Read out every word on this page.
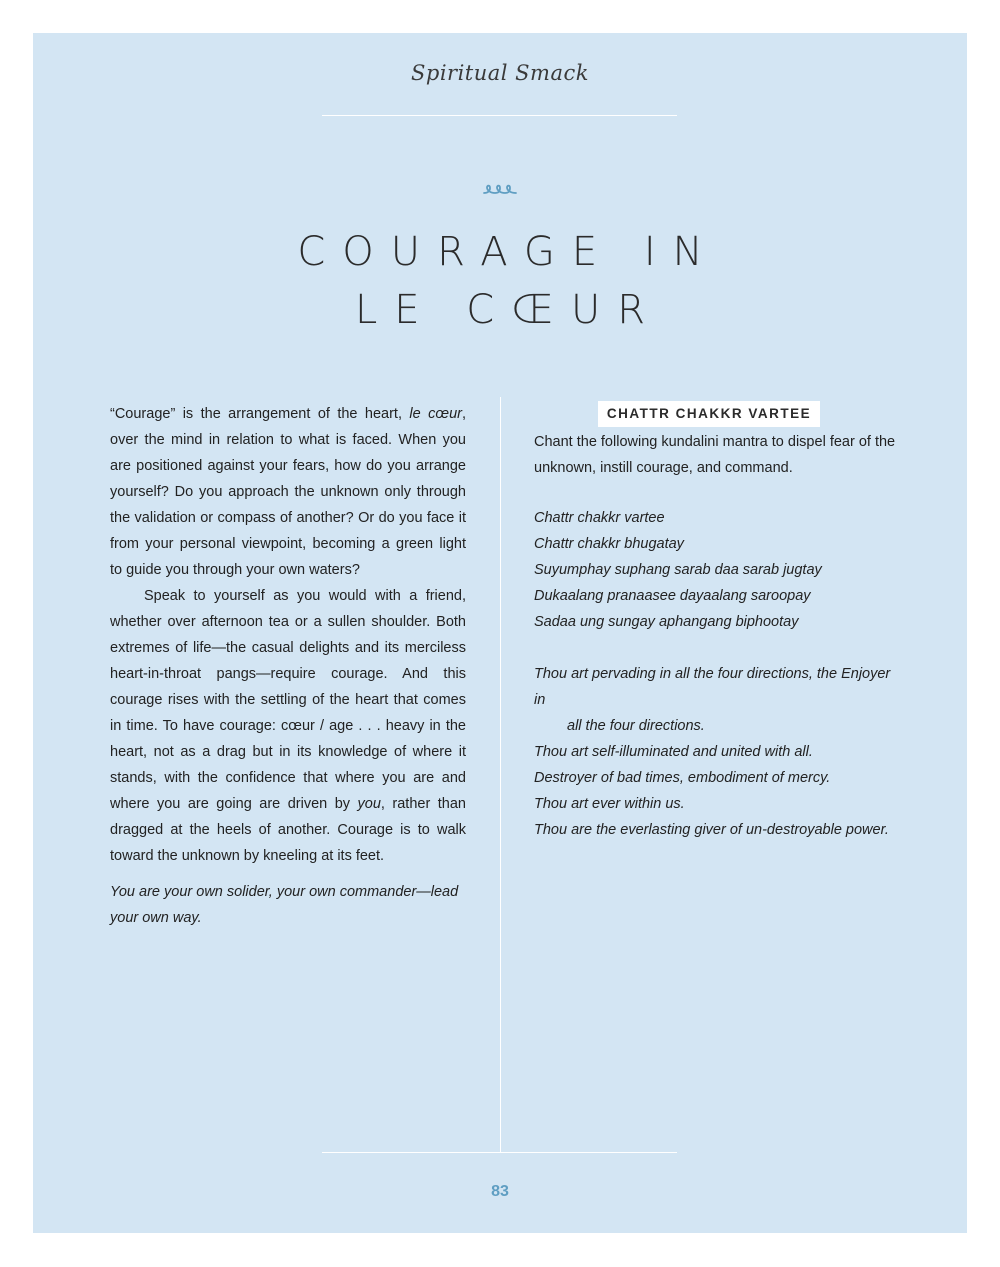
Spiritual Smack
COURAGE IN
LE CŒUR

“Courage” is the arrangement of the heart, le cœur, over the mind in relation to what is faced. When you are positioned against your fears, how do you arrange yourself? Do you approach the unknown only through the validation or compass of another? Or do you face it from your personal viewpoint, becoming a green light to guide you through your own waters?

Speak to yourself as you would with a friend, whether over afternoon tea or a sullen shoulder. Both extremes of life—the casual delights and its merciless heart-in-throat pangs—require courage. And this courage rises with the settling of the heart that comes in time. To have courage: cœur / age . . . heavy in the heart, not as a drag but in its knowledge of where it stands, with the confidence that where you are and where you are going are driven by you, rather than dragged at the heels of another. Courage is to walk toward the unknown by kneeling at its feet.

You are your own solider, your own commander—lead your own way.

CHATTR CHAKKR VARTEE

Chant the following kundalini mantra to dispel fear of the unknown, instill courage, and command.

Chattr chakkr vartee

Chattr chakkr bhugatay

Suyumphay suphang sarab daa sarab jugtay

Dukaalang pranaasee dayaalang saroopay

Sadaa ung sungay aphangang biphootay

Thou art pervading in all the four directions, the Enjoyer in

all the four directions.

Thou art self-illuminated and united with all.

Destroyer of bad times, embodiment of mercy.

Thou art ever within us.

Thou are the everlasting giver of un-destroyable power.

83
